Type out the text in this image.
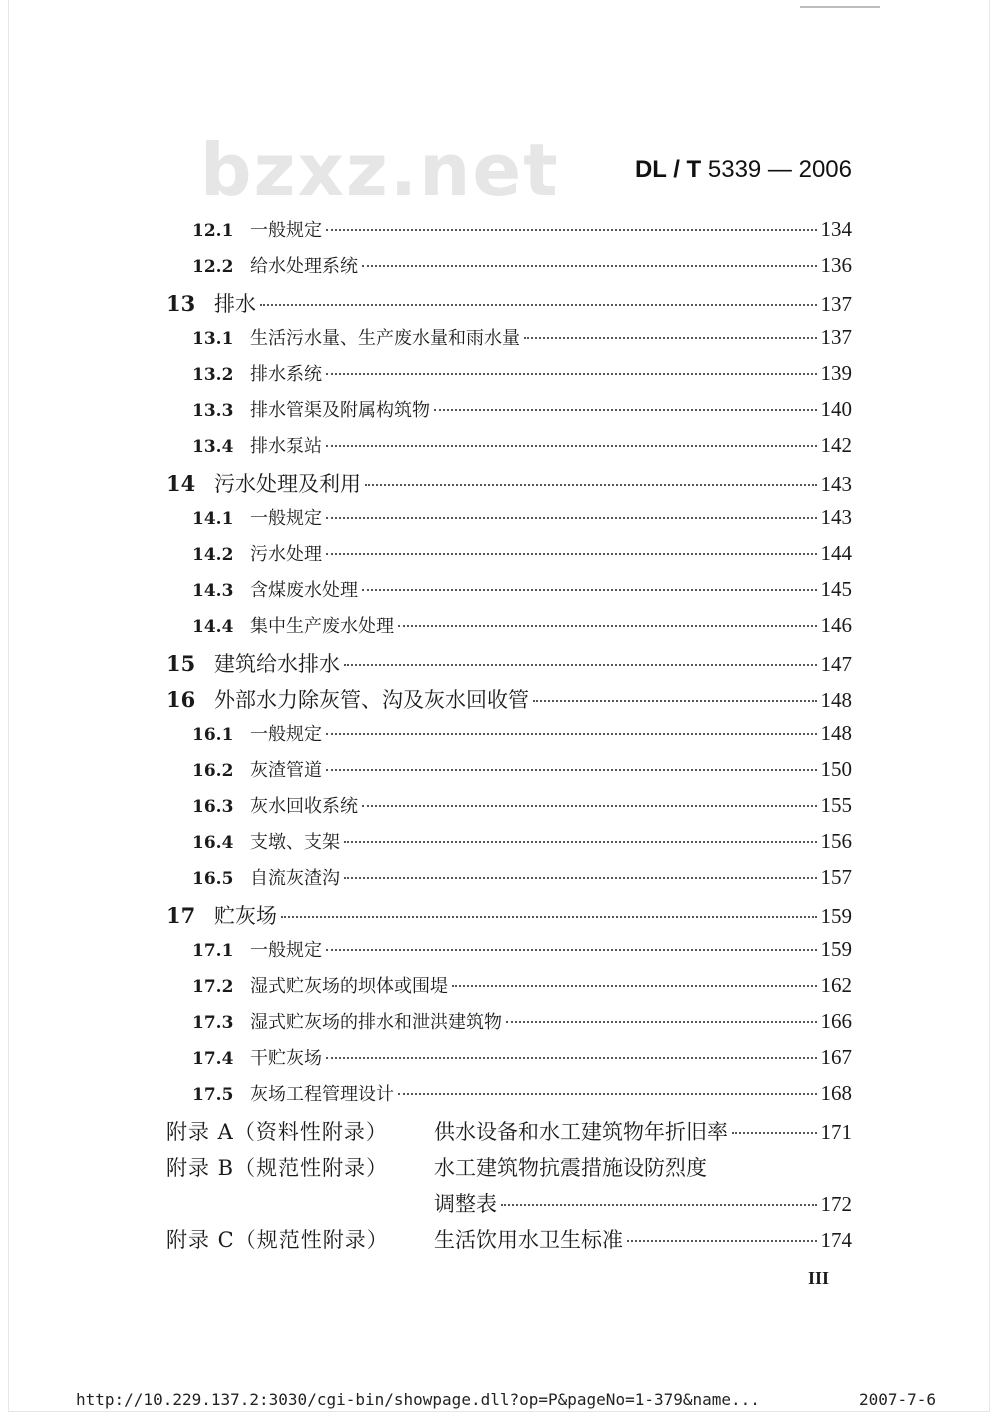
bzxz.net	DL / T 5339 — 2006
12.1 一般规定	134
12.2 给水处理系统	136
13 排水	137
13.1 生活污水量、生产废水量和雨水量	137
13.2 排水系统	139
13.3 排水管渠及附属构筑物	140
13.4 排水泵站	142
14 污水处理及利用	143
14.1 一般规定	143
14.2 污水处理	144
14.3 含煤废水处理	145
14.4 集中生产废水处理	146
15 建筑给水排水	147
16 外部水力除灰管、沟及灰水回收管	148
16.1 一般规定	148
16.2 灰渣管道	150
16.3 灰水回收系统	155
16.4 支墩、支架	156
16.5 自流灰渣沟	157
17 贮灰场	159
17.1 一般规定	159
17.2 湿式贮灰场的坝体或围堤	162
17.3 湿式贮灰场的排水和泄洪建筑物	166
17.4 干贮灰场	167
17.5 灰场工程管理设计	168
附录 A（资料性附录） 供水设备和水工建筑物年折旧率	171
附录 B（规范性附录） 水工建筑物抗震措施设防烈度
调整表	172
附录 C（规范性附录） 生活饮用水卫生标准	174
III
http://10.229.137.2:3030/cgi-bin/showpage.dll?op=P&pageNo=1-379&name...	2007-7-6
